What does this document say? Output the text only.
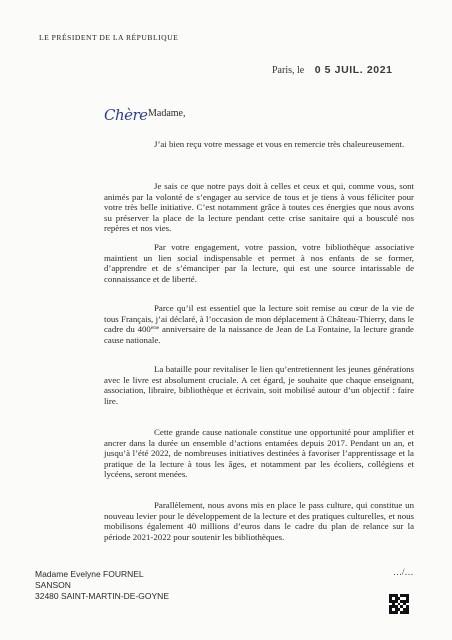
LE PRÉSIDENT DE LA RÉPUBLIQUE
Paris, le 0 5 JUIL. 2021
Chère Madame,

J’ai bien reçu votre message et vous en remercie très chaleureusement.

Je sais ce que notre pays doit à celles et ceux et qui, comme vous, sont animés par la volonté de s’engager au service de tous et je tiens à vous féliciter pour votre très belle initiative. C’est notamment grâce à toutes ces énergies que nous avons su préserver la place de la lecture pendant cette crise sanitaire qui a bousculé nos repères et nos vies.

Par votre engagement, votre passion, votre bibliothèque associative maintient un lien social indispensable et permet à nos enfants de se former, d’apprendre et de s’émanciper par la lecture, qui est une source intarissable de connaissance et de liberté.

Parce qu’il est essentiel que la lecture soit remise au cœur de la vie de tous Français, j’ai déclaré, à l’occasion de mon déplacement à Château-Thierry, dans le cadre du 400ème anniversaire de la naissance de Jean de La Fontaine, la lecture grande cause nationale.

La bataille pour revitaliser le lien qu’entretiennent les jeunes générations avec le livre est absolument cruciale. A cet égard, je souhaite que chaque enseignant, association, libraire, bibliothèque et écrivain, soit mobilisé autour d’un objectif : faire lire.

Cette grande cause nationale constitue une opportunité pour amplifier et ancrer dans la durée un ensemble d’actions entamées depuis 2017. Pendant un an, et jusqu’à l’été 2022, de nombreuses initiatives destinées à favoriser l’apprentissage et la pratique de la lecture à tous les âges, et notamment par les écoliers, collégiens et lycéens, seront menées.

Parallèlement, nous avons mis en place le pass culture, qui constitue un nouveau levier pour le développement de la lecture et des pratiques culturelles, et nous mobilisons également 40 millions d’euros dans le cadre du plan de relance sur la période 2021-2022 pour soutenir les bibliothèques.

Madame Evelyne FOURNEL
SANSON
32480 SAINT-MARTIN-DE-GOYNE
…/…
